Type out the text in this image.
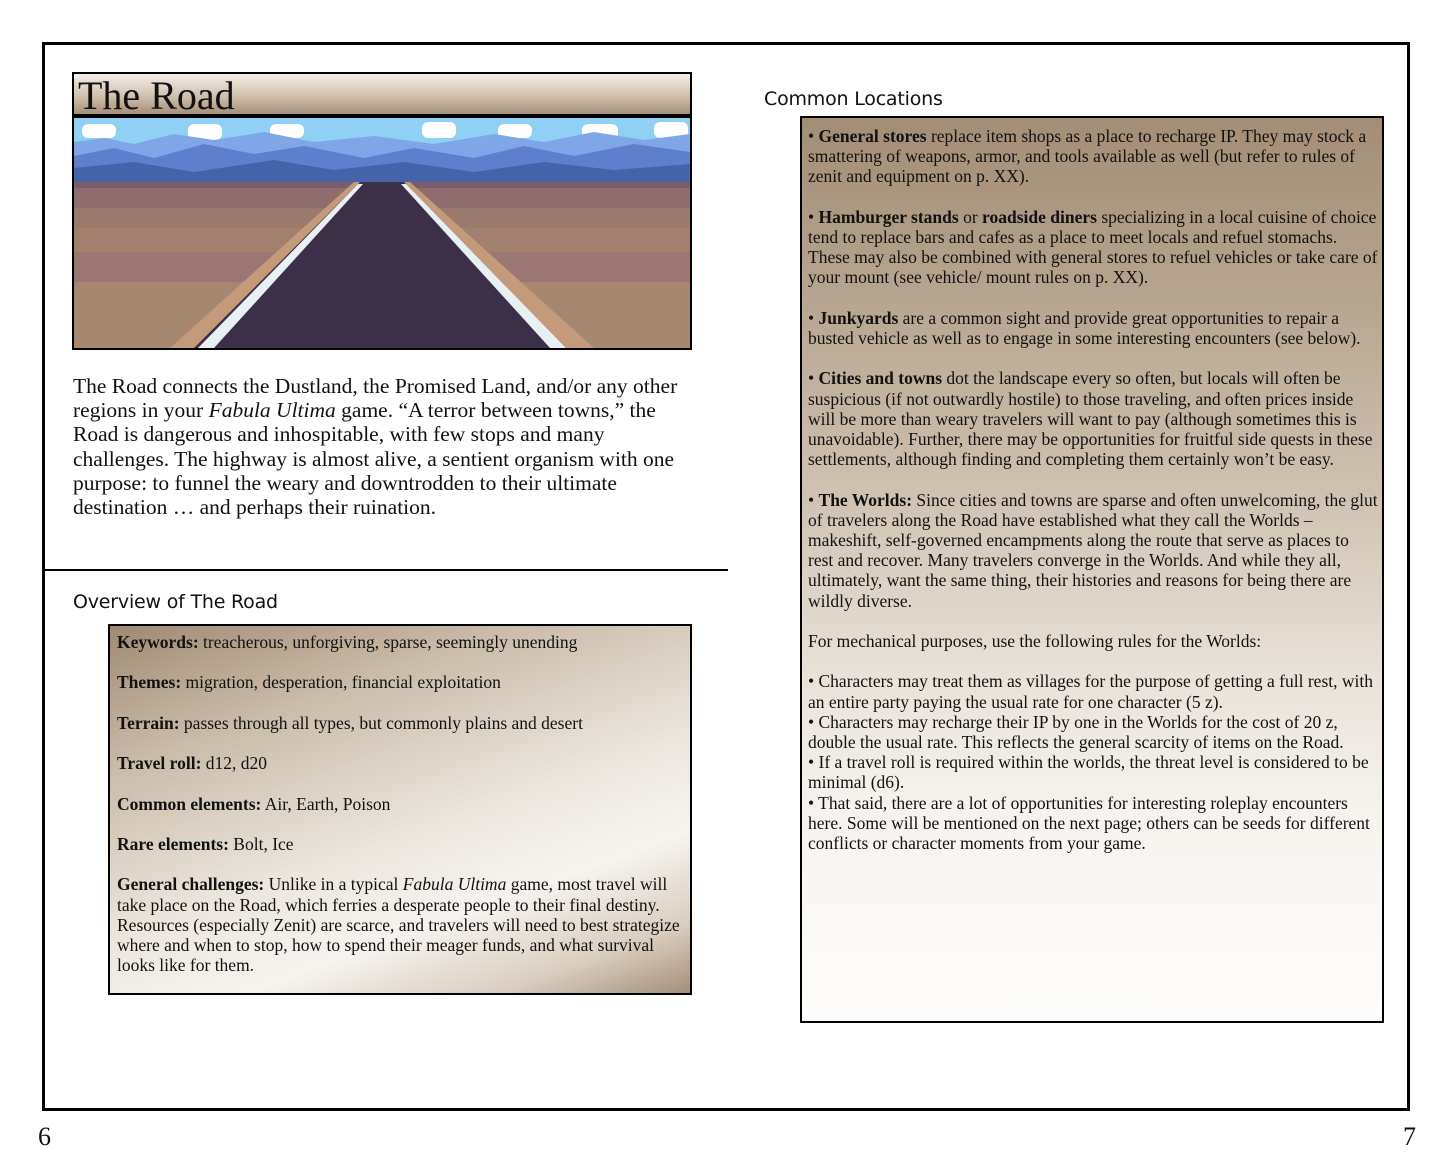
The Road
The Road connects the Dustland, the Promised Land, and/or any other regions in your Fabula Ultima game. “A terror between towns,” the Road is dangerous and inhospitable, with few stops and many challenges. The highway is almost alive, a sentient organism with one purpose: to funnel the weary and downtrodden to their ultimate destination … and perhaps their ruination.
Overview of The Road

Keywords: treacherous, unforgiving, sparse, seemingly unending

Themes: migration, desperation, financial exploitation

Terrain: passes through all types, but commonly plains and desert

Travel roll: d12, d20

Common elements: Air, Earth, Poison

Rare elements: Bolt, Ice

General challenges: Unlike in a typical Fabula Ultima game, most travel will take place on the Road, which ferries a desperate people to their final destiny. Resources (especially Zenit) are scarce, and travelers will need to best strategize where and when to stop, how to spend their meager funds, and what survival looks like for them.

Common Locations

• General stores replace item shops as a place to recharge IP. They may stock a smattering of weapons, armor, and tools available as well (but refer to rules of zenit and equipment on p. XX).

• Hamburger stands or roadside diners specializing in a local cuisine of choice tend to replace bars and cafes as a place to meet locals and refuel stomachs. These may also be combined with general stores to refuel vehicles or take care of your mount (see vehicle/ mount rules on p. XX).

• Junkyards are a common sight and provide great opportunities to repair a busted vehicle as well as to engage in some interesting encounters (see below).

• Cities and towns dot the landscape every so often, but locals will often be suspicious (if not outwardly hostile) to those traveling, and often prices inside will be more than weary travelers will want to pay (although sometimes this is unavoidable). Further, there may be opportunities for fruitful side quests in these settlements, although finding and completing them certainly won’t be easy.

• The Worlds: Since cities and towns are sparse and often unwelcoming, the glut of travelers along the Road have established what they call the Worlds – makeshift, self-governed encampments along the route that serve as places to rest and recover. Many travelers converge in the Worlds. And while they all, ultimately, want the same thing, their histories and reasons for being there are wildly diverse.

For mechanical purposes, use the following rules for the Worlds:

• Characters may treat them as villages for the purpose of getting a full rest, with an entire party paying the usual rate for one character (5 z).

• Characters may recharge their IP by one in the Worlds for the cost of 20 z, double the usual rate. This reflects the general scarcity of items on the Road.

• If a travel roll is required within the worlds, the threat level is considered to be minimal (d6).

• That said, there are a lot of opportunities for interesting roleplay encounters here. Some will be mentioned on the next page; others can be seeds for different conflicts or character moments from your game.

6	7
